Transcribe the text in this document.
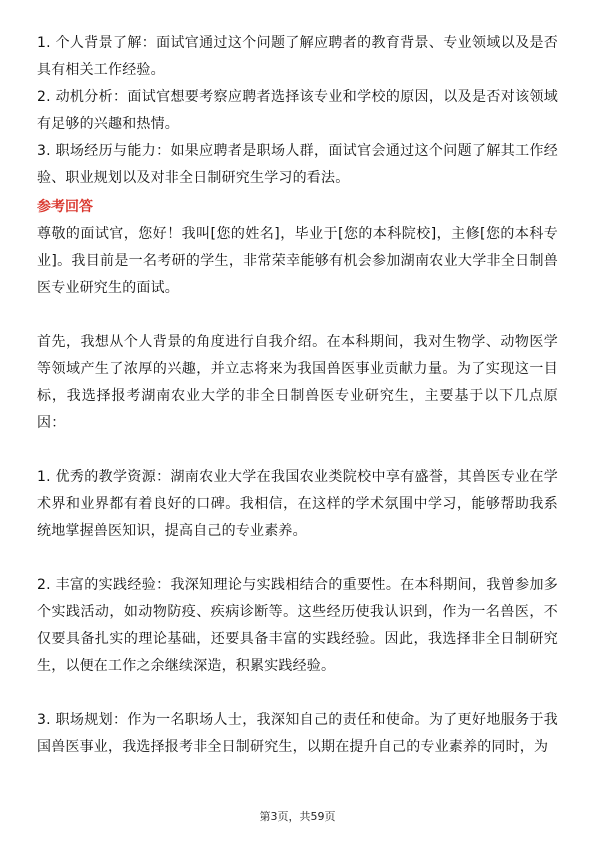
1. 个人背景了解：面试官通过这个问题了解应聘者的教育背景、专业领域以及是否具有相关工作经验。

2. 动机分析：面试官想要考察应聘者选择该专业和学校的原因，以及是否对该领域有足够的兴趣和热情。

3. 职场经历与能力：如果应聘者是职场人群，面试官会通过这个问题了解其工作经验、职业规划以及对非全日制研究生学习的看法。

参考回答

尊敬的面试官，您好！我叫[您的姓名]，毕业于[您的本科院校]，主修[您的本科专业]。我目前是一名考研的学生，非常荣幸能够有机会参加湖南农业大学非全日制兽医专业研究生的面试。

首先，我想从个人背景的角度进行自我介绍。在本科期间，我对生物学、动物医学等领域产生了浓厚的兴趣，并立志将来为我国兽医事业贡献力量。为了实现这一目标，我选择报考湖南农业大学的非全日制兽医专业研究生，主要基于以下几点原因：

1. 优秀的教学资源：湖南农业大学在我国农业类院校中享有盛誉，其兽医专业在学术界和业界都有着良好的口碑。我相信，在这样的学术氛围中学习，能够帮助我系统地掌握兽医知识，提高自己的专业素养。

2. 丰富的实践经验：我深知理论与实践相结合的重要性。在本科期间，我曾参加多个实践活动，如动物防疫、疾病诊断等。这些经历使我认识到，作为一名兽医，不仅要具备扎实的理论基础，还要具备丰富的实践经验。因此，我选择非全日制研究生，以便在工作之余继续深造，积累实践经验。

3. 职场规划：作为一名职场人士，我深知自己的责任和使命。为了更好地服务于我国兽医事业，我选择报考非全日制研究生，以期在提升自己的专业素养的同时，为

第3页，共59页
